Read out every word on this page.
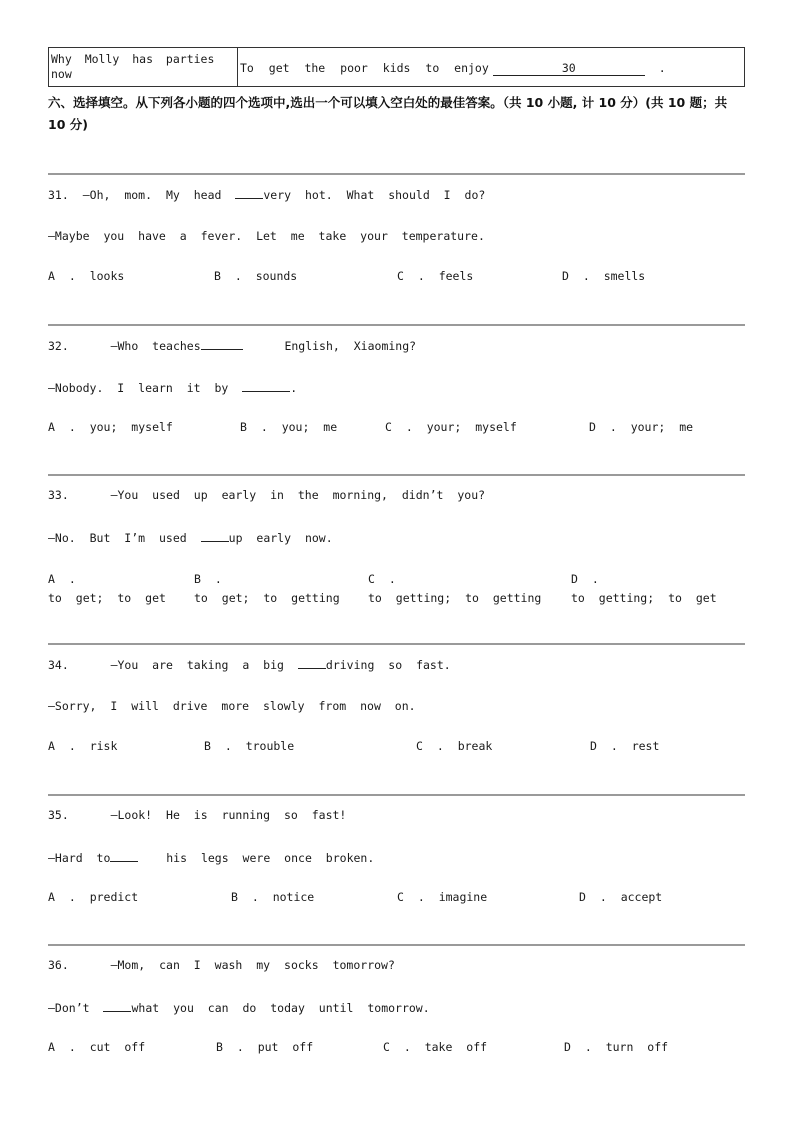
Why Molly has parties now	To get the poor kids to enjoy	30	.
六、选择填空。从下列各小题的四个选项中,选出一个可以填入空白处的最佳答案。（共 10 小题, 计 10 分）(共 10 题；共 10 分)
31. —Oh, mom. My head	very hot. What should I do?
—Maybe you have a fever. Let me take your temperature.
A . looks	B . sounds	C . feels	D . smells
32.	—Who teaches	English, Xiaoming?
—Nobody. I learn it by	.
A . you; myself	B . you; me	C . your; myself	D . your; me
33.	—You used up early in the morning, didn’t you?
—No. But I’m used	up early now.
A .
to get; to get
B .
to get; to getting
C .
to getting; to getting
D .
to getting; to get
34.	—You are taking a big	driving so fast.
—Sorry, I will drive more slowly from now on.
A . risk	B . trouble	C . break	D . rest
35.	—Look! He is running so fast!
—Hard to	his legs were once broken.
A . predict	B . notice	C . imagine	D . accept
36.	—Mom, can I wash my socks tomorrow?
—Don’t	what you can do today until tomorrow.
A . cut off	B . put off	C . take off	D . turn off
